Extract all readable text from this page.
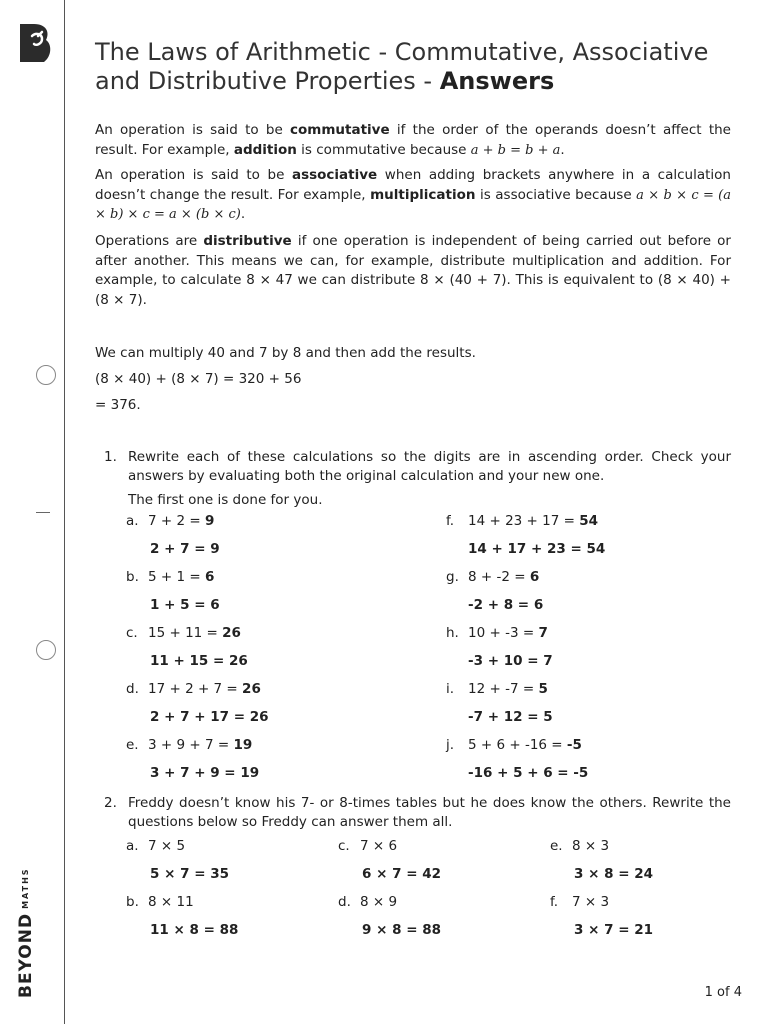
BEYONDMATHS
The Laws of Arithmetic - Commutative, Associative and Distributive Properties - Answers

An operation is said to be commutative if the order of the operands doesn’t affect the result. For example, addition is commutative because a + b = b + a.

An operation is said to be associative when adding brackets anywhere in a calculation doesn’t change the result. For example, multiplication is associative because a × b × c = (a × b) × c = a × (b × c).

Operations are distributive if one operation is independent of being carried out before or after another. This means we can, for example, distribute multiplication and addition. For example, to calculate 8 × 47 we can distribute 8 × (40 + 7). This is equivalent to (8 × 40) + (8 × 7).

We can multiply 40 and 7 by 8 and then add the results.
(8 × 40) + (8 × 7) = 320 + 56
= 376.
1. Rewrite each of these calculations so the digits are in ascending order. Check your answers by evaluating both the original calculation and your new one.

The first one is done for you.
a. 7 + 2 = 9
2 + 7 = 9
b. 5 + 1 = 6
1 + 5 = 6
c. 15 + 11 = 26
11 + 15 = 26
d. 17 + 2 + 7 = 26
2 + 7 + 17 = 26
e. 3 + 9 + 7 = 19
3 + 7 + 9 = 19
f. 14 + 23 + 17 = 54
14 + 17 + 23 = 54
g. 8 + -2 = 6
-2 + 8 = 6
h. 10 + -3 = 7
-3 + 10 = 7
i. 12 + -7 = 5
-7 + 12 = 5
j. 5 + 6 + -16 = -5
-16 + 5 + 6 = -5
2. Freddy doesn’t know his 7- or 8-times tables but he does know the others. Rewrite the questions below so Freddy can answer them all.

a. 7 × 5
5 × 7 = 35
b. 8 × 11
11 × 8 = 88
c. 7 × 6
6 × 7 = 42
d. 8 × 9
9 × 8 = 88
e. 8 × 3
3 × 8 = 24
f. 7 × 3
3 × 7 = 21
1 of 4
